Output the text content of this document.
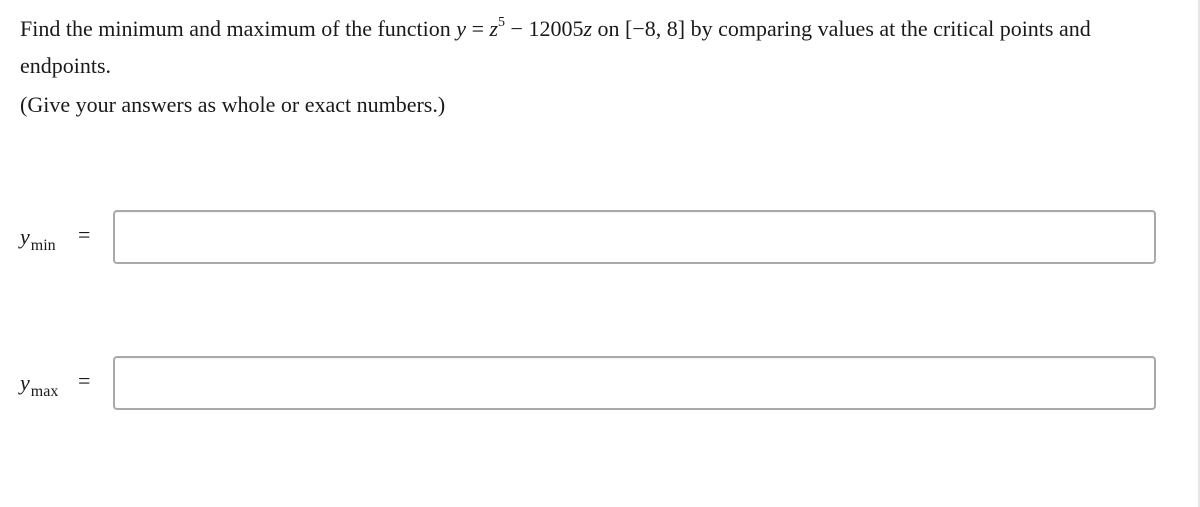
Find the minimum and maximum of the function $y = z^5 - 12005z$ on [−8, 8] by comparing values at the critical points and endpoints.
(Give your answers as whole or exact numbers.)
$y_{min}$ =
$y_{max}$ =
